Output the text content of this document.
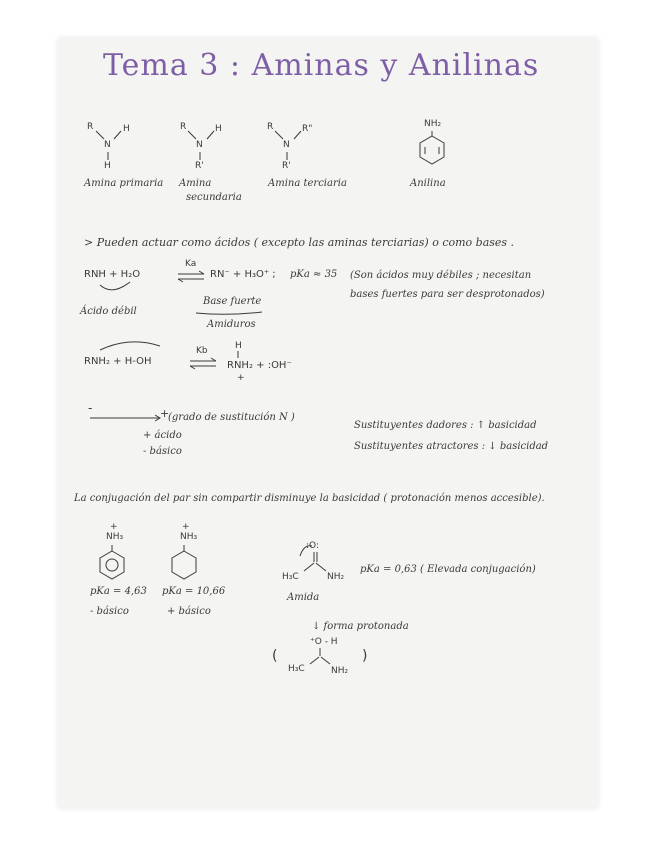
Tema 3 : Aminas y Anilinas
R
N
H
H
Amina primaria
R
N
H
R'
Amina
secundaria
R
N
R"
R'
Amina terciaria
NH₂
Anilina
> Pueden actuar como ácidos ( excepto las aminas terciarias) o como bases .
RNH + H₂O
Ka
RN⁻ + H₃O⁺ ; pKa ≈ 35 (Son ácidos muy débiles ; necesitan
bases fuertes para ser desprotonados)
Ácido débil
Base fuerte
Amiduros
RNH₂ + H-OH
Kb	H
RNH₂ + :OH⁻
+
-	+
(grado de sustitución N )
+ ácido
- básico
Sustituyentes dadores : ↑ basicidad
Sustituyentes atractores : ↓ basicidad
La conjugación del par sin compartir disminuye la basicidad ( protonación menos accesible).
+
NH₃
pKa = 4,63
- básico
+
NH₃
pKa = 10,66
+ básico
:O:
H₃C	NH₂
Amida
pKa = 0,63 ( Elevada conjugación)
↓ forma protonada
⁺O - H
H₃C	NH₂
(	)
